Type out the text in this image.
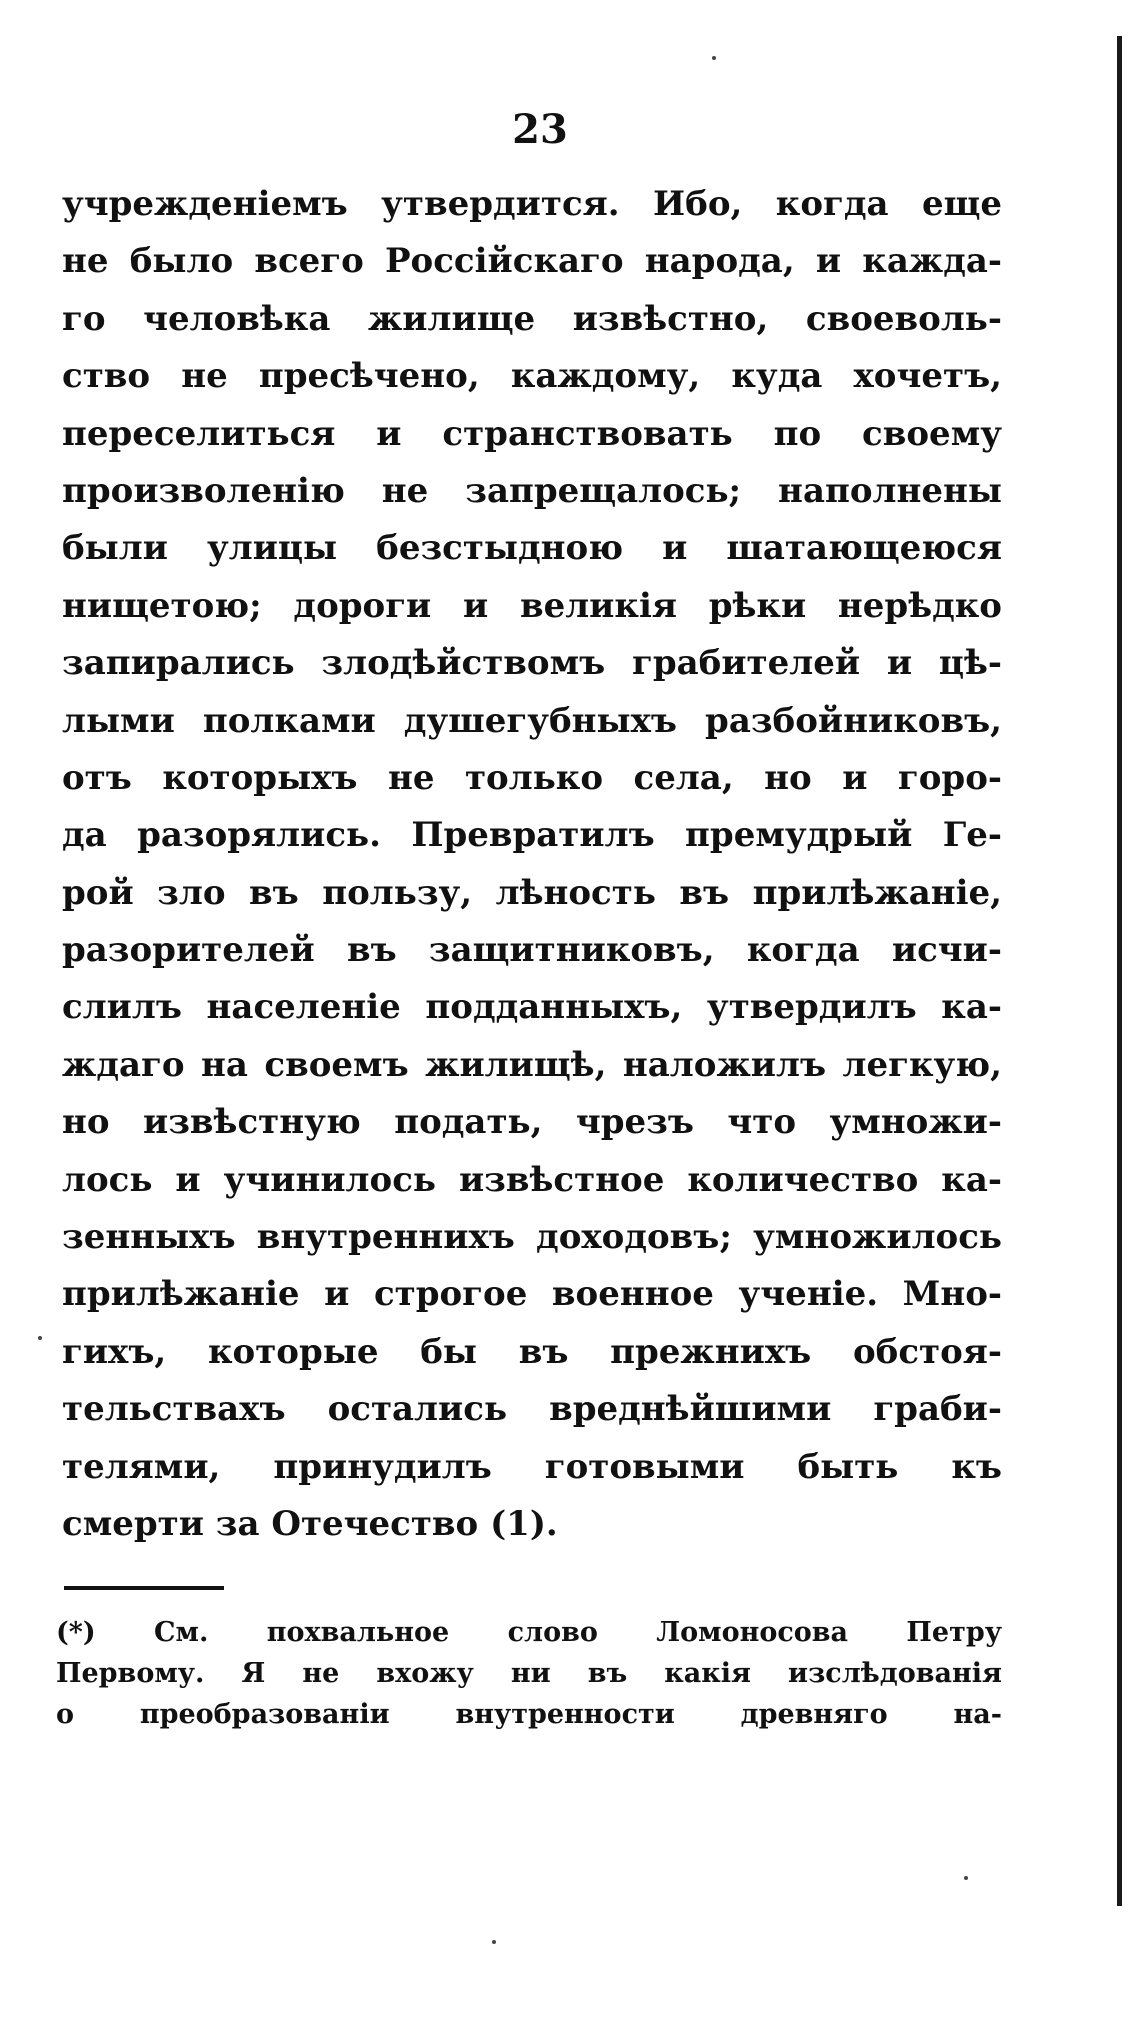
23
учрежденіемъ утвердится. Ибо, когда еще
не было всего Россійскаго народа, и кажда-
го человѣка жилище извѣстно, своеволь-
ство не пресѣчено, каждому, куда хочетъ,
переселиться и странствовать по своему
произволенію не запрещалось; наполнены
были улицы безстыдною и шатающеюся
нищетою; дороги и великія рѣки нерѣдко
запирались злодѣйствомъ грабителей и цѣ-
лыми полками душегубныхъ разбойниковъ,
отъ которыхъ не только села, но и горо-
да разорялись. Превратилъ премудрый Ге-
рой зло въ пользу, лѣность въ прилѣжаніе,
разорителей въ защитниковъ, когда исчи-
слилъ населеніе подданныхъ, утвердилъ ка-
ждаго на своемъ жилищѣ, наложилъ легкую,
но извѣстную подать, чрезъ что умножи-
лось и учинилось извѣстное количество ка-
зенныхъ внутреннихъ доходовъ; умножилось
прилѣжаніе и строгое военное ученіе. Мно-
гихъ, которые бы въ прежнихъ обстоя-
тельствахъ остались вреднѣйшими граби-
телями, принудилъ готовыми быть къ
смерти за Отечество (1).
(*) См. похвальное слово Ломоносова Петру
Первому. Я не вхожу ни въ какія изслѣдованія
о преобразованіи внутренности древняго на-
